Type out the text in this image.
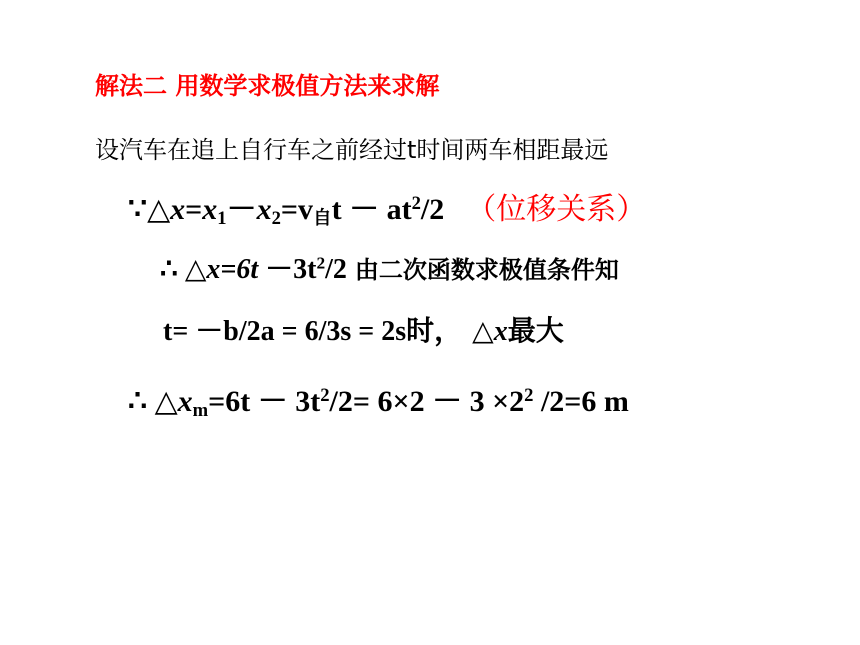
解法二 用数学求极值方法来求解
设汽车在追上自行车之前经过t时间两车相距最远
$\because\triangle x=x_1-x_2=v_自t - at^2/2$ （位移关系）
∴ △x=6t $-3t^2/2$ 由二次函数求极值条件知
t= －b/2a = 6/3s = 2s时， △x最大
∴ $\triangle x_m=6t - 3t^2/2= 6\times 2 - 3 \times 2^2$ /2=6 m
